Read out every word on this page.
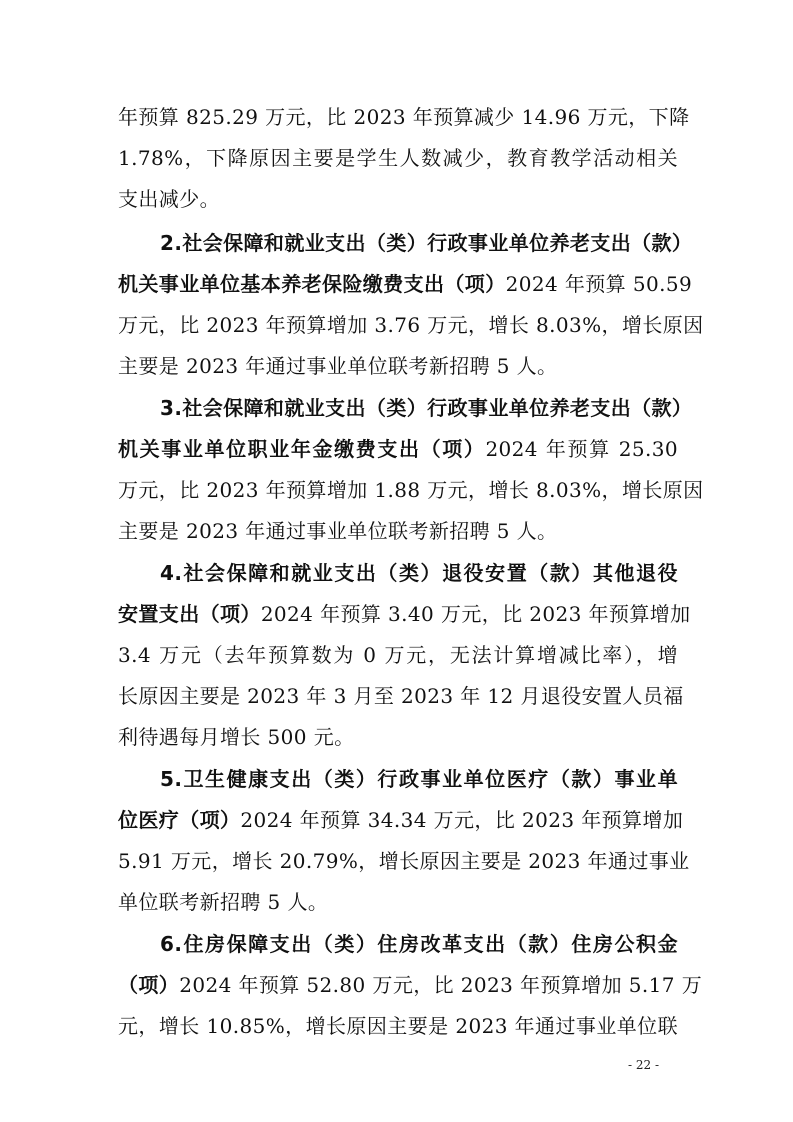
年预算 825.29 万元，比 2023 年预算减少 14.96 万元，下降
1.78%，下降原因主要是学生人数减少，教育教学活动相关
支出减少。
2.社会保障和就业支出（类）行政事业单位养老支出（款）
机关事业单位基本养老保险缴费支出（项）2024 年预算 50.59
万元，比 2023 年预算增加 3.76 万元，增长 8.03%，增长原因
主要是 2023 年通过事业单位联考新招聘 5 人。
3.社会保障和就业支出（类）行政事业单位养老支出（款）
机关事业单位职业年金缴费支出（项）2024 年预算 25.30
万元，比 2023 年预算增加 1.88 万元，增长 8.03%，增长原因
主要是 2023 年通过事业单位联考新招聘 5 人。
4.社会保障和就业支出（类）退役安置（款）其他退役
安置支出（项）2024 年预算 3.40 万元，比 2023 年预算增加
3.4 万元（去年预算数为 0 万元，无法计算增减比率），增
长原因主要是 2023 年 3 月至 2023 年 12 月退役安置人员福
利待遇每月增长 500 元。
5.卫生健康支出（类）行政事业单位医疗（款）事业单
位医疗（项）2024 年预算 34.34 万元，比 2023 年预算增加
5.91 万元，增长 20.79%，增长原因主要是 2023 年通过事业
单位联考新招聘 5 人。
6.住房保障支出（类）住房改革支出（款）住房公积金
（项）2024 年预算 52.80 万元，比 2023 年预算增加 5.17 万
元，增长 10.85%，增长原因主要是 2023 年通过事业单位联
- 22 -
